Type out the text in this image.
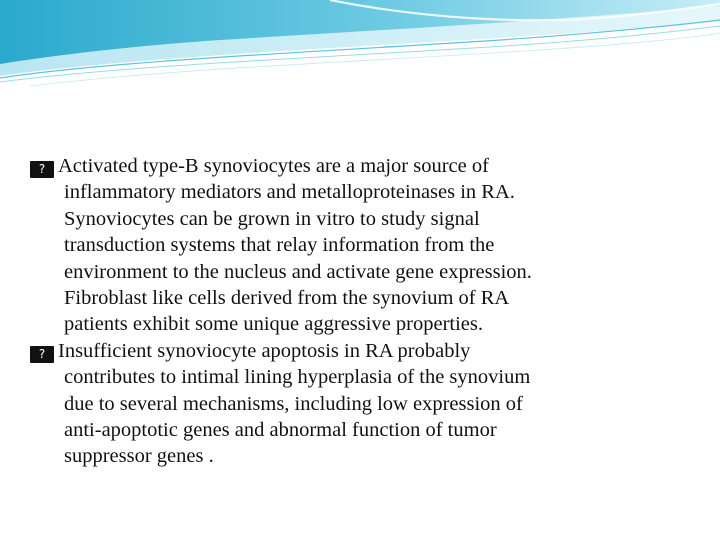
? Activated type-B synoviocytes are a major source of
inflammatory mediators and metalloproteinases in RA.
Synoviocytes can be grown in vitro to study signal
transduction systems that relay information from the
environment to the nucleus and activate gene expression.
Fibroblast like cells derived from the synovium of RA
patients exhibit some unique aggressive properties.

? Insufficient synoviocyte apoptosis in RA probably
contributes to intimal lining hyperplasia of the synovium
due to several mechanisms, including low expression of
anti-apoptotic genes and abnormal function of tumor
suppressor genes .
